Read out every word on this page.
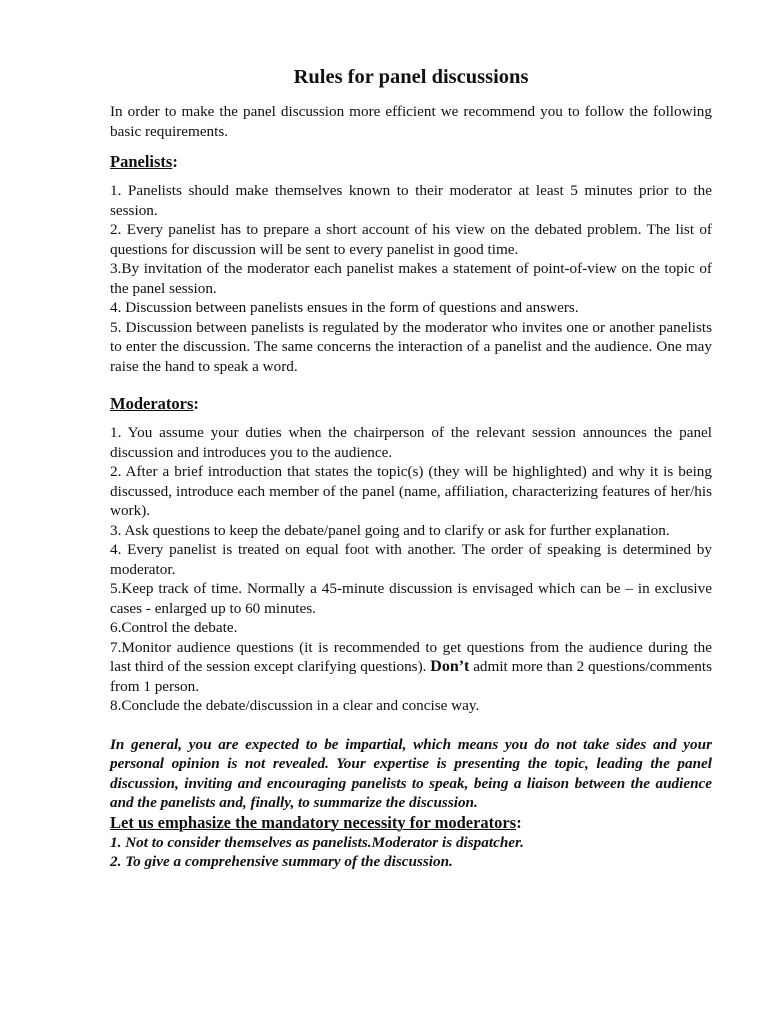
Rules for panel discussions

In order to make the panel discussion more efficient we recommend you to follow the following basic requirements.

Panelists:

1. Panelists should make themselves known to their moderator at least 5 minutes prior to the session.

2. Every panelist has to prepare a short account of his view on the debated problem. The list of questions for discussion will be sent to every panelist in good time.

3.By invitation of the moderator each panelist makes a statement of point-of-view on the topic of the panel session.

4. Discussion between panelists ensues in the form of questions and answers.

5. Discussion between panelists is regulated by the moderator who invites one or another panelists to enter the discussion. The same concerns the interaction of a panelist and the audience. One may raise the hand to speak a word.

Moderators:

1. You assume your duties when the chairperson of the relevant session announces the panel discussion and introduces you to the audience.

2. After a brief introduction that states the topic(s) (they will be highlighted) and why it is being discussed, introduce each member of the panel (name, affiliation, characterizing features of her/his work).

3. Ask questions to keep the debate/panel going and to clarify or ask for further explanation.

4. Every panelist is treated on equal foot with another. The order of speaking is determined by moderator.

5.Keep track of time. Normally a 45-minute discussion is envisaged which can be – in exclusive cases - enlarged up to 60 minutes.

6.Control the debate.

7.Monitor audience questions (it is recommended to get questions from the audience during the last third of the session except clarifying questions). Don’t admit more than 2 questions/comments from 1 person.

8.Conclude the debate/discussion in a clear and concise way.

In general, you are expected to be impartial, which means you do not take sides and your personal opinion is not revealed. Your expertise is presenting the topic, leading the panel discussion, inviting and encouraging panelists to speak, being a liaison between the audience and the panelists and, finally, to summarize the discussion.

Let us emphasize the mandatory necessity for moderators:

1. Not to consider themselves as panelists.Moderator is dispatcher.

2. To give a comprehensive summary of the discussion.
